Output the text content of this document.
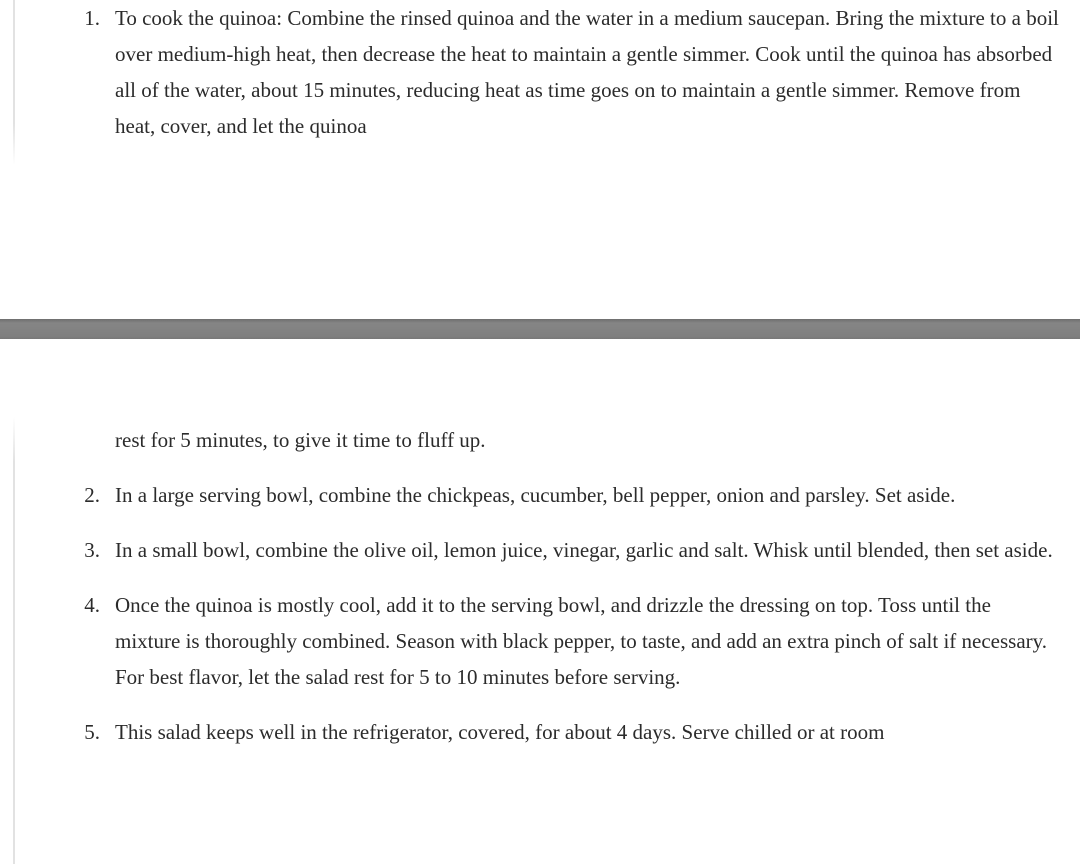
1. To cook the quinoa: Combine the rinsed quinoa and the water in a medium saucepan. Bring the mixture to a boil over medium-high heat, then decrease the heat to maintain a gentle simmer. Cook until the quinoa has absorbed all of the water, about 15 minutes, reducing heat as time goes on to maintain a gentle simmer. Remove from heat, cover, and let the quinoa
rest for 5 minutes, to give it time to fluff up.
2. In a large serving bowl, combine the chickpeas, cucumber, bell pepper, onion and parsley. Set aside.
3. In a small bowl, combine the olive oil, lemon juice, vinegar, garlic and salt. Whisk until blended, then set aside.
4. Once the quinoa is mostly cool, add it to the serving bowl, and drizzle the dressing on top. Toss until the mixture is thoroughly combined. Season with black pepper, to taste, and add an extra pinch of salt if necessary. For best flavor, let the salad rest for 5 to 10 minutes before serving.
5. This salad keeps well in the refrigerator, covered, for about 4 days. Serve chilled or at room
